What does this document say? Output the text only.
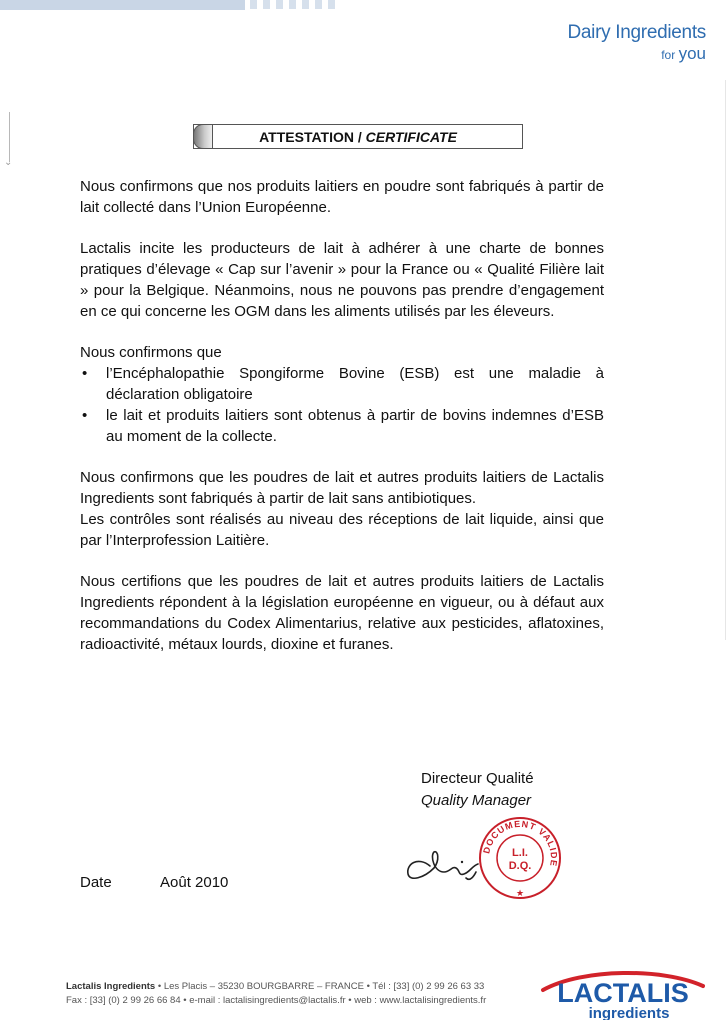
Dairy Ingredients
for you
⌄
ATTESTATION / CERTIFICATE

Nous confirmons que nos produits laitiers en poudre sont fabriqués à partir de lait collecté dans l’Union Européenne.

Lactalis incite les producteurs de lait à adhérer à une charte de bonnes pratiques d’élevage « Cap sur l’avenir » pour la France ou « Qualité Filière lait » pour la Belgique. Néanmoins, nous ne pouvons pas prendre d’engagement en ce qui concerne les OGM dans les aliments utilisés par les éleveurs.

Nous confirmons que
• l’Encéphalopathie Spongiforme Bovine (ESB) est une maladie à déclaration obligatoire
• le lait et produits laitiers sont obtenus à partir de bovins indemnes d’ESB au moment de la collecte.

Nous confirmons que les poudres de lait et autres produits laitiers de Lactalis Ingredients sont fabriqués à partir de lait sans antibiotiques.

Les contrôles sont réalisés au niveau des réceptions de lait liquide, ainsi que par l’Interprofession Laitière.

Nous certifions que les poudres de lait et autres produits laitiers de Lactalis Ingredients répondent à la législation européenne en vigueur, ou à défaut aux recommandations du Codex Alimentarius, relative aux pesticides, aflatoxines, radioactivité, métaux lourds, dioxine et furanes.

Directeur Qualité
Quality Manager
DOCUMENT VALIDE
L.I.
D.Q.
★
Date	Août 2010
Lactalis Ingredients • Les Placis – 35230 BOURGBARRE – FRANCE • Tél : [33] (0) 2 99 26 63 33
Fax : [33] (0) 2 99 26 66 84 • e-mail : lactalisingredients@lactalis.fr • web : www.lactalisingredients.fr	LACTALIS
ingredients
